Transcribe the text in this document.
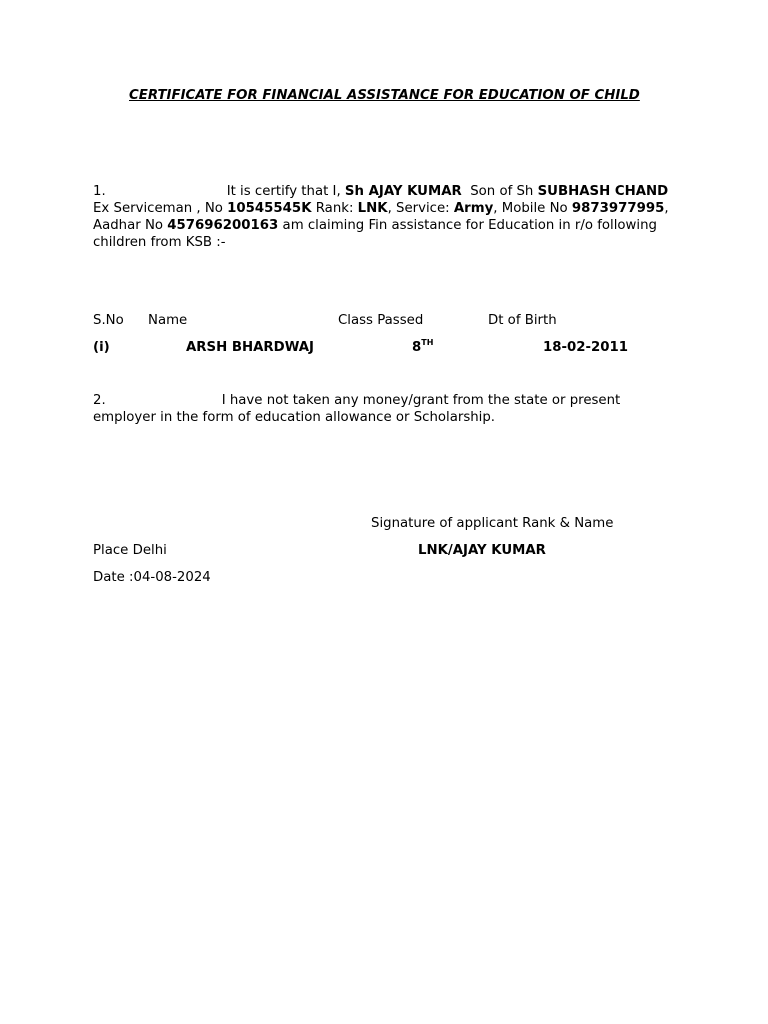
CERTIFICATE FOR FINANCIAL ASSISTANCE FOR EDUCATION OF CHILD
1.	It is certify that I, Sh AJAY KUMAR Son of Sh SUBHASH CHAND Ex Serviceman , No 10545545K Rank: LNK, Service: Army, Mobile No 9873977995, Aadhar No 457696200163 am claiming Fin assistance for Education in r/o following children from KSB :-
S.No Name	Class Passed	Dt of Birth
(i)	ARSH BHARDWAJ	8TH	18-02-2011
2.	I have not taken any money/grant from the state or present employer in the form of education allowance or Scholarship.
Signature of applicant Rank & Name
Place Delhi	LNK/AJAY KUMAR
Date :04-08-2024
